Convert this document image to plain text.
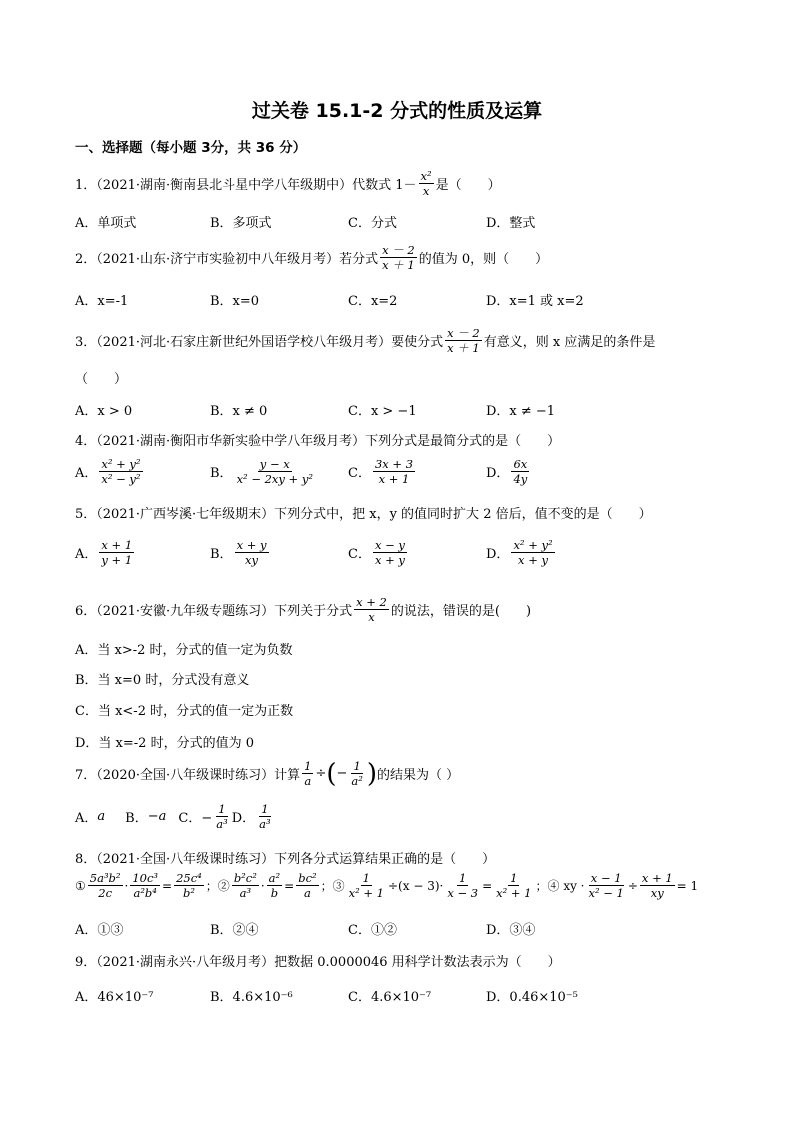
过关卷 15.1-2 分式的性质及运算
一、选择题（每小题 3分，共 36 分）
1．（2021·湖南·衡南县北斗星中学八年级期中）代数式 $1- \frac{\text{x²}}{x}$ 是（　　）
A．单项式	B．多项式	C．分式	D．整式
2．（2021·山东·济宁市实验初中八年级月考）若分式 $\frac{x - 2}{x + 1}$ 的值为 0，则（　　）
A．x=-1	B．x=0	C．x=2	D．x=1 或 x=2
3．（2021·河北·石家庄新世纪外国语学校八年级月考）要使分式 $\frac{x - 2}{x + 1}$ 有意义，则 x 应满足的条件是
（　　）
A．x > 0	B．x ≠ 0	C．x > −1	D．x ≠ −1
4．（2021·湖南·衡阳市华新实验中学八年级月考）下列分式是最简分式的是（　　）
A． $\frac{\text{x² + y²}}{\text{x² − y²}}$	B． $\frac{y - x}{\text{x² − 2xy + y²}}$	C． $\frac{3x + 3}{x + 1}$	D． $\frac{6x}{4y}$
5．（2021·广西岑溪·七年级期末）下列分式中，把 x，y 的值同时扩大 2 倍后，值不变的是（　　）
A． $\frac{x + 1}{y + 1}$	B． $\frac{x + y}{xy}$	C． $\frac{x - y}{x + y}$	D． $\frac{\text{x² + y²}}{x + y}$
6．（2021·安徽·九年级专题练习）下列关于分式 $\frac{x + 2}{x}$ 的说法，错误的是(　　)
A．当 x>-2 时，分式的值一定为负数
B．当 x=0 时，分式没有意义
C．当 x<-2 时，分式的值一定为正数
D．当 x=-2 时，分式的值为 0
7．（2020·全国·八年级课时练习）计算 $\frac{1}{a}$ ÷ ( − $\frac{1}{\text{a²}}$ ) 的结果为（ ）
A． a B． −a C．− $\frac{1}{\text{a³}}$ D． $\frac{1}{\text{a³}}$
8．（2021·全国·八年级课时练习）下列各分式运算结果正确的是（　　）
① $\frac{\text{5a³b²}}{2c} \cdot \frac{\text{10c³}}{\text{a²b⁴}} = \frac{\text{25c⁴}}{\text{b²}}$ ；② $\frac{\text{b²c²}}{\text{a³}} \cdot \frac{\text{a²}}{b} = \frac{\text{bc²}}{a}$ ；③ $\frac{1}{\text{x² + 1}} \div(x - 3)\cdot \frac{1}{x - 3} = \frac{1}{\text{x² + 1}}$ ；④ xy · $\frac{x - 1}{\text{x² − 1}} \div \frac{x + 1}{xy} = 1$
A．①③	B．②④	C．①②	D．③④
9．（2021·湖南永兴·八年级月考）把数据 0.0000046 用科学计数法表示为（　　）
A．46×10⁻⁷	B．4.6×10⁻⁶	C．4.6×10⁻⁷	D．0.46×10⁻⁵
